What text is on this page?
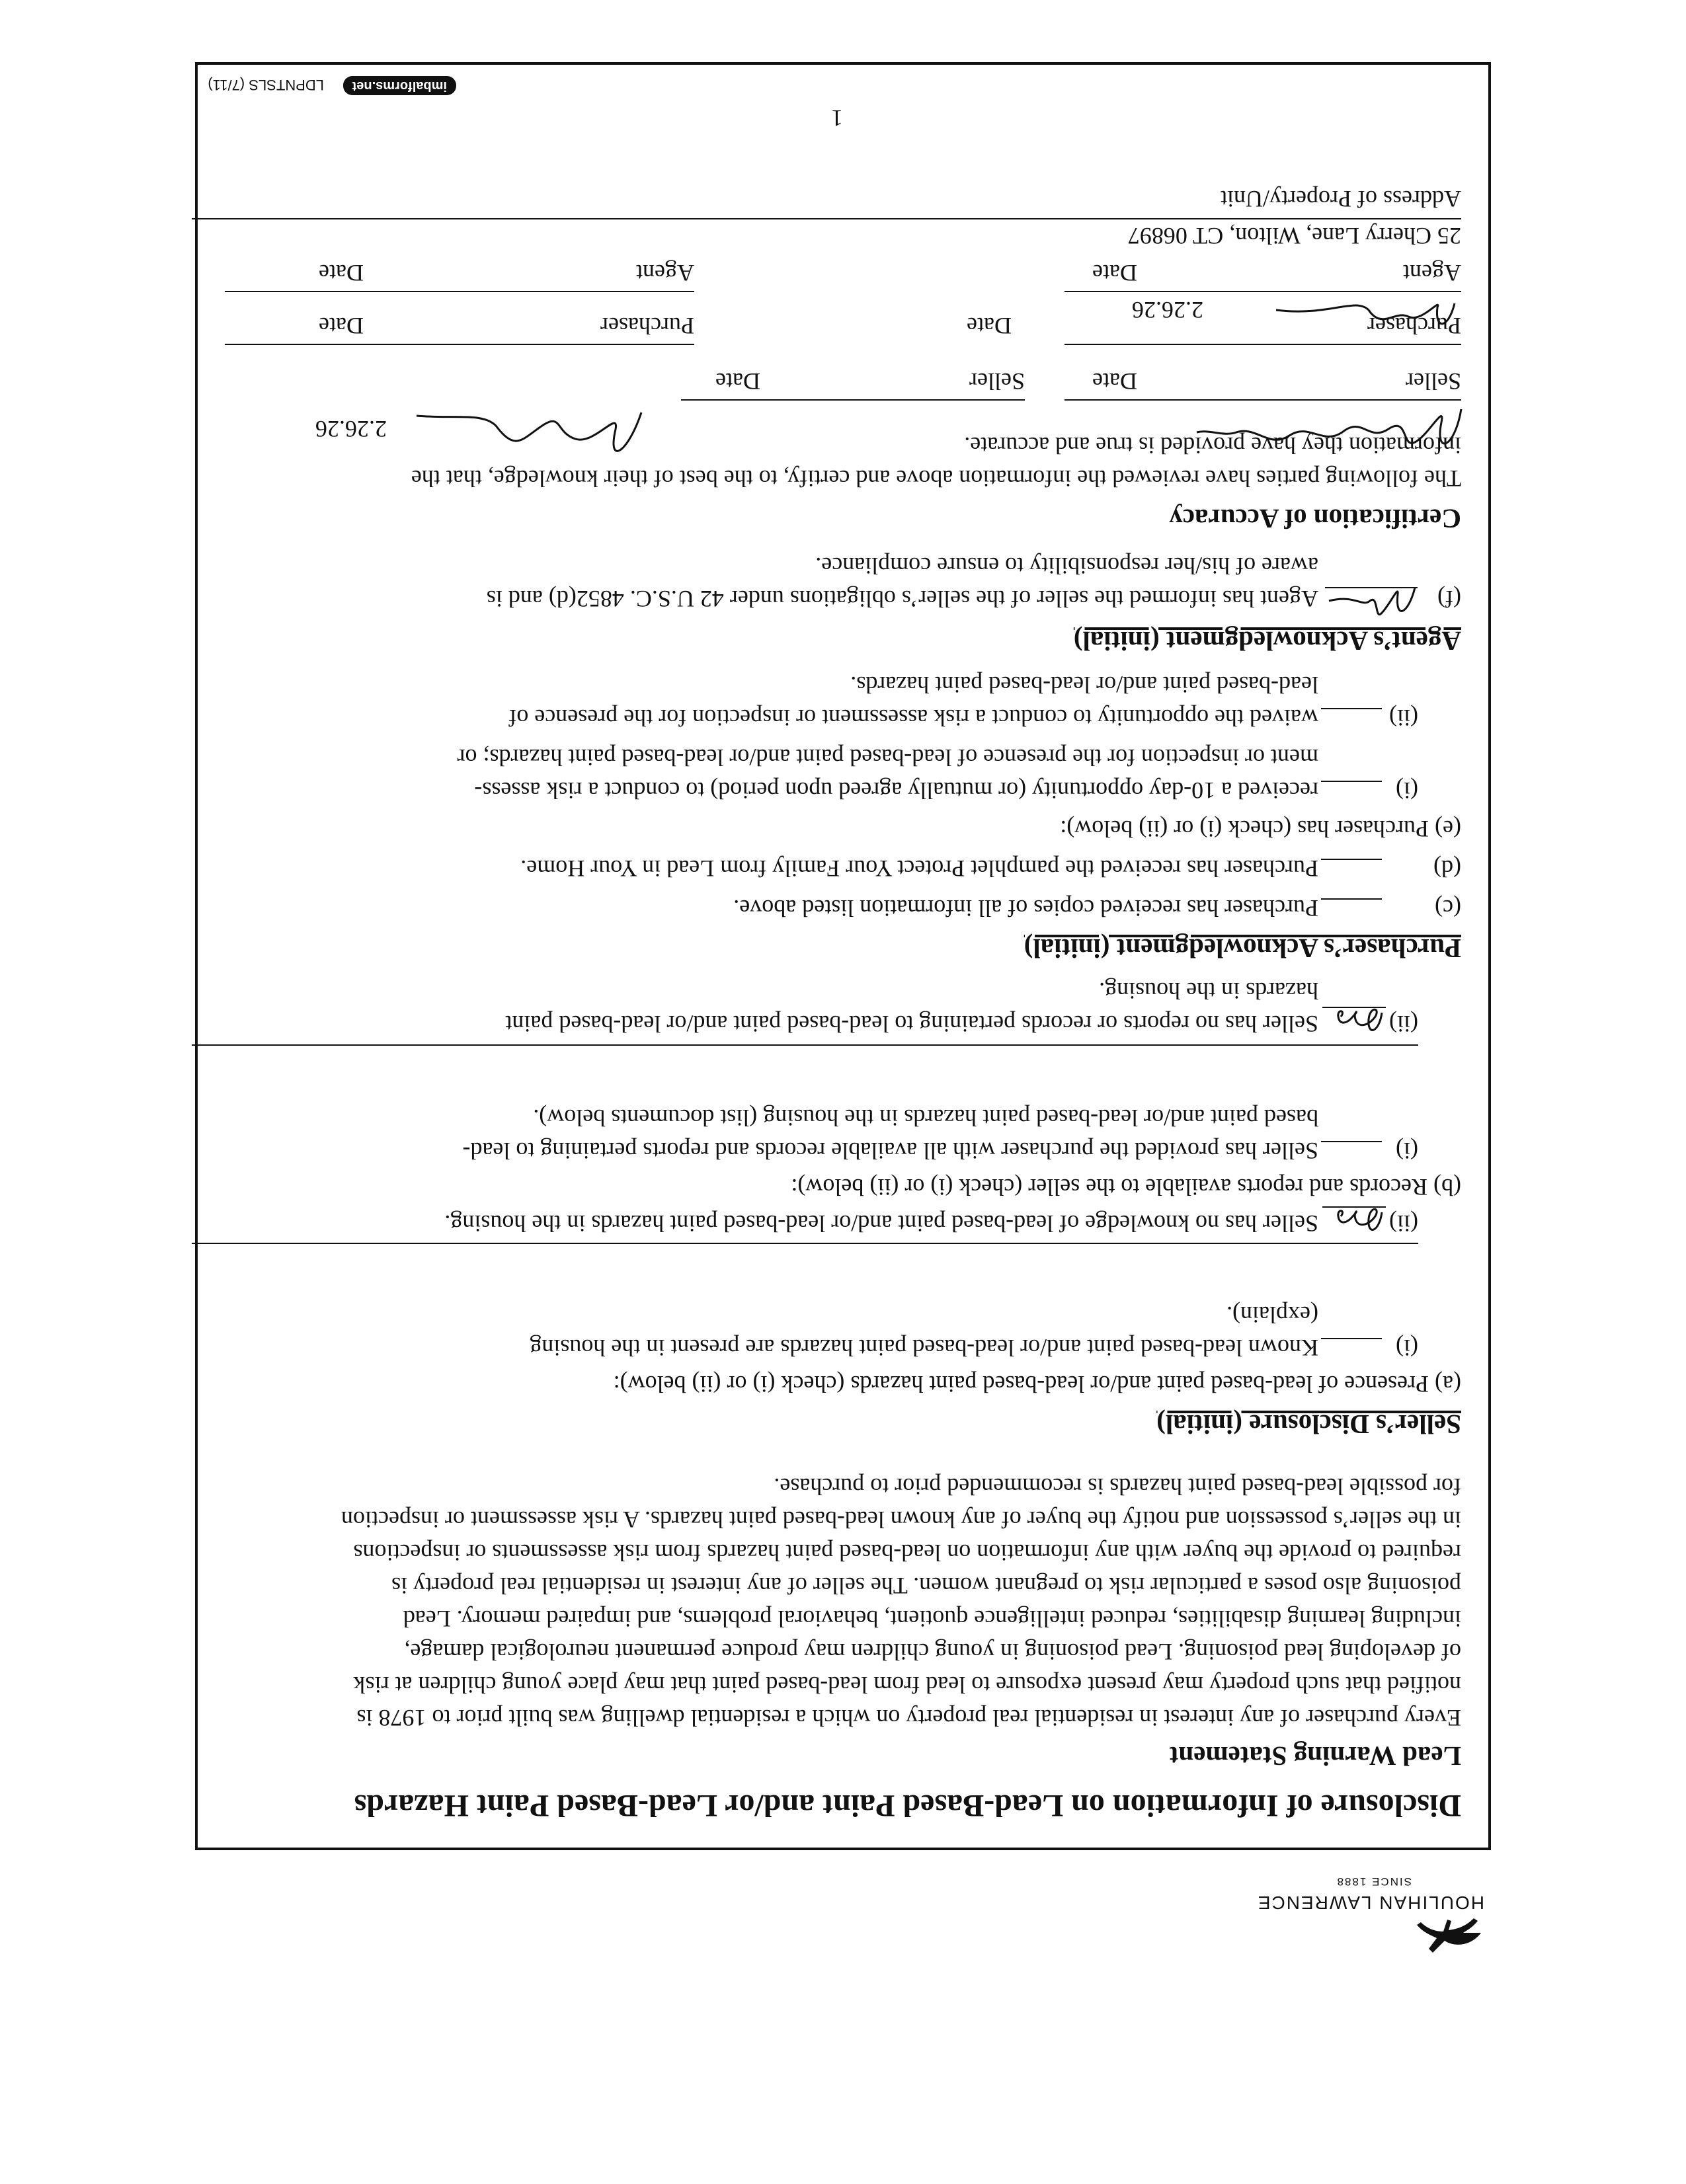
HOULIHAN LAWRENCE
SINCE 1888
Disclosure of Information on Lead-Based Paint and/or Lead-Based Paint Hazards
Lead Warning Statement
Every purchaser of any interest in residential real property on which a residential dwelling was built prior to 1978 is
notified that such property may present exposure to lead from lead-based paint that may place young children at risk
of developing lead poisoning. Lead poisoning in young children may produce permanent neurological damage,
including learning disabilities, reduced intelligence quotient, behavioral problems, and impaired memory. Lead
poisoning also poses a particular risk to pregnant women. The seller of any interest in residential real property is
required to provide the buyer with any information on lead-based paint hazards from risk assessments or inspections
in the seller’s possession and notify the buyer of any known lead-based paint hazards. A risk assessment or inspection
for possible lead-based paint hazards is recommended prior to purchase.
Seller’s Disclosure (initial)
(a) Presence of lead-based paint and/or lead-based paint hazards (check (i) or (ii) below):
(i)
Known lead-based paint and/or lead-based paint hazards are present in the housing
(explain).
(ii)
Seller has no knowledge of lead-based paint and/or lead-based paint hazards in the housing.
(b) Records and reports available to the seller (check (i) or (ii) below):
(i)
Seller has provided the purchaser with all available records and reports pertaining to lead-
based paint and/or lead-based paint hazards in the housing (list documents below).
(ii)
Seller has no reports or records pertaining to lead-based paint and/or lead-based paint
hazards in the housing.
Purchaser’s Acknowledgment (initial)
(c)
Purchaser has received copies of all information listed above.
(d)
Purchaser has received the pamphlet Protect Your Family from Lead in Your Home.
(e) Purchaser has (check (i) or (ii) below):
(i)
received a 10-day opportunity (or mutually agreed upon period) to conduct a risk assess-
ment or inspection for the presence of lead-based paint and/or lead-based paint hazards; or
(ii)
waived the opportunity to conduct a risk assessment or inspection for the presence of
lead-based paint and/or lead-based paint hazards.
Agent’s Acknowledgment (initial)
(f)
Agent has informed the seller of the seller’s obligations under 42 U.S.C. 4852(d) and is
aware of his/her responsibility to ensure compliance.
Certification of Accuracy
The following parties have reviewed the information above and certify, to the best of their knowledge, that the
information they have provided is true and accurate.
Seller
Date
Seller
Date
2.26.26
Purchaser
Date
Purchaser
Date
2.26.26
Agent
Date
Agent
Date
25 Cherry Lane, Wilton, CT 06897
Address of Property/Unit
1
imbalforms.net
LDPNTSLS (7/11)
